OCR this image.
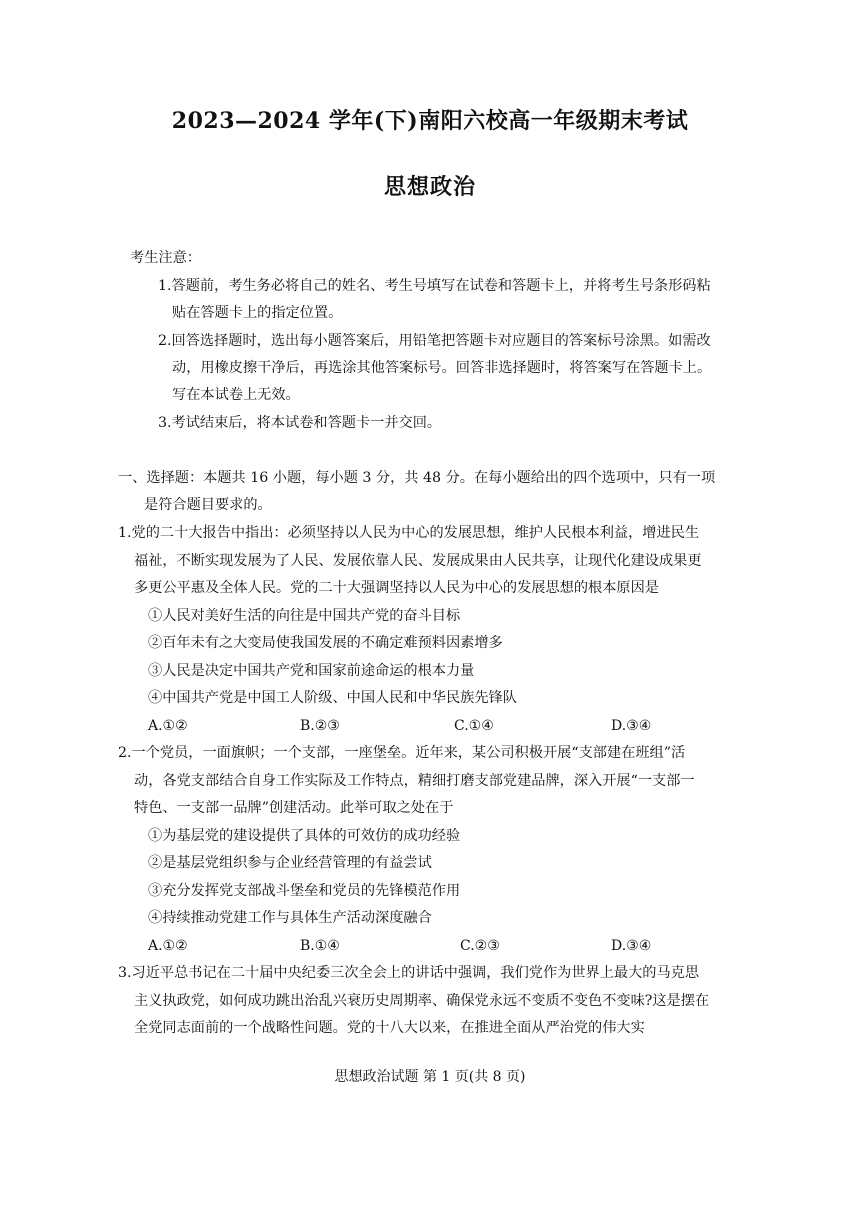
2023—2024 学年(下)南阳六校高一年级期末考试
思想政治
考生注意：
1.答题前，考生务必将自己的姓名、考生号填写在试卷和答题卡上，并将考生号条形码粘
贴在答题卡上的指定位置。
2.回答选择题时，选出每小题答案后，用铅笔把答题卡对应题目的答案标号涂黑。如需改
动，用橡皮擦干净后，再选涂其他答案标号。回答非选择题时，将答案写在答题卡上。
写在本试卷上无效。
3.考试结束后，将本试卷和答题卡一并交回。
一、选择题：本题共 16 小题，每小题 3 分，共 48 分。在每小题给出的四个选项中，只有一项
是符合题目要求的。
1.党的二十大报告中指出：必须坚持以人民为中心的发展思想，维护人民根本利益，增进民生
福祉，不断实现发展为了人民、发展依靠人民、发展成果由人民共享，让现代化建设成果更
多更公平惠及全体人民。党的二十大强调坚持以人民为中心的发展思想的根本原因是
①人民对美好生活的向往是中国共产党的奋斗目标
②百年未有之大变局使我国发展的不确定难预料因素增多
③人民是决定中国共产党和国家前途命运的根本力量
④中国共产党是中国工人阶级、中国人民和中华民族先锋队
A.①②	B.②③	C.①④	D.③④
2.一个党员，一面旗帜；一个支部，一座堡垒。近年来，某公司积极开展“支部建在班组”活
动，各党支部结合自身工作实际及工作特点，精细打磨支部党建品牌，深入开展“一支部一
特色、一支部一品牌”创建活动。此举可取之处在于
①为基层党的建设提供了具体的可效仿的成功经验
②是基层党组织参与企业经营管理的有益尝试
③充分发挥党支部战斗堡垒和党员的先锋模范作用
④持续推动党建工作与具体生产活动深度融合
A.①②	B.①④	C.②③	D.③④
3.习近平总书记在二十届中央纪委三次全会上的讲话中强调，我们党作为世界上最大的马克思
主义执政党，如何成功跳出治乱兴衰历史周期率、确保党永远不变质不变色不变味?这是摆在
全党同志面前的一个战略性问题。党的十八大以来，在推进全面从严治党的伟大实
思想政治试题 第 1 页(共 8 页)
